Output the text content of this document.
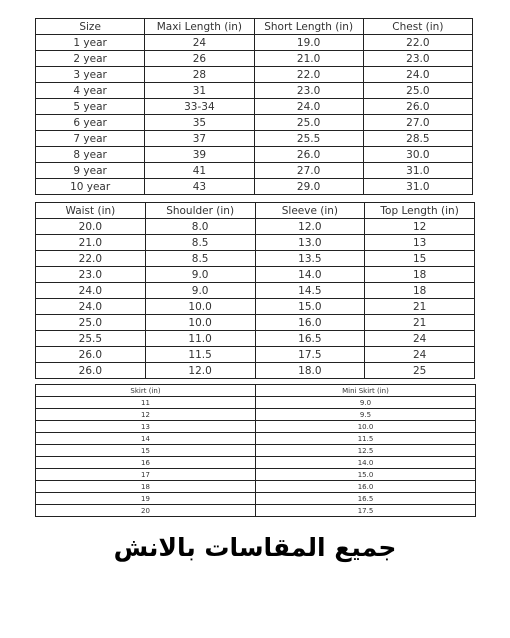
Size	Maxi Length (in)	Short Length (in)	Chest (in)
1 year	24	19.0	22.0
2 year	26	21.0	23.0
3 year	28	22.0	24.0
4 year	31	23.0	25.0
5 year	33-34	24.0	26.0
6 year	35	25.0	27.0
7 year	37	25.5	28.5
8 year	39	26.0	30.0
9 year	41	27.0	31.0
10 year	43	29.0	31.0
Waist (in)	Shoulder (in)	Sleeve (in)	Top Length (in)
20.0	8.0	12.0	12
21.0	8.5	13.0	13
22.0	8.5	13.5	15
23.0	9.0	14.0	18
24.0	9.0	14.5	18
24.0	10.0	15.0	21
25.0	10.0	16.0	21
25.5	11.0	16.5	24
26.0	11.5	17.5	24
26.0	12.0	18.0	25
Skirt (in)	Mini Skirt (in)
11	9.0
12	9.5
13	10.0
14	11.5
15	12.5
16	14.0
17	15.0
18	16.0
19	16.5
20	17.5
جميع المقاسات بالانش
